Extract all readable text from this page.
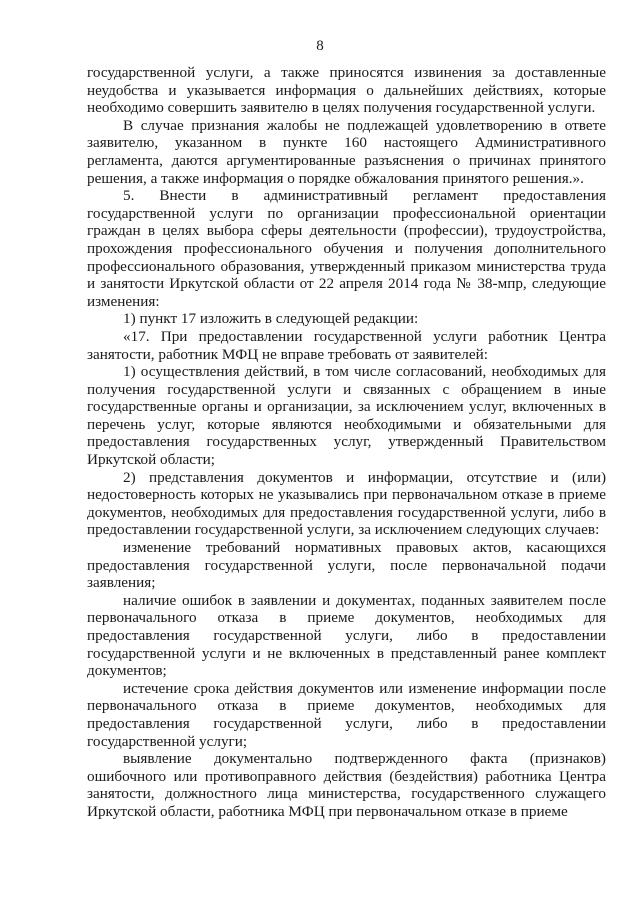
8

государственной услуги, а также приносятся извинения за доставленные неудобства и указывается информация о дальнейших действиях, которые необходимо совершить заявителю в целях получения государственной услуги.

В случае признания жалобы не подлежащей удовлетворению в ответе заявителю, указанном в пункте 160 настоящего Административного регламента, даются аргументированные разъяснения о причинах принятого решения, а также информация о порядке обжалования принятого решения.».

5. Внести в административный регламент предоставления государственной услуги по организации профессиональной ориентации граждан в целях выбора сферы деятельности (профессии), трудоустройства, прохождения профессионального обучения и получения дополнительного профессионального образования, утвержденный приказом министерства труда и занятости Иркутской области от 22 апреля 2014 года № 38-мпр, следующие изменения:

1) пункт 17 изложить в следующей редакции:

«17. При предоставлении государственной услуги работник Центра занятости, работник МФЦ не вправе требовать от заявителей:

1) осуществления действий, в том числе согласований, необходимых для получения государственной услуги и связанных с обращением в иные государственные органы и организации, за исключением услуг, включенных в перечень услуг, которые являются необходимыми и обязательными для предоставления государственных услуг, утвержденный Правительством Иркутской области;

2) представления документов и информации, отсутствие и (или) недостоверность которых не указывались при первоначальном отказе в приеме документов, необходимых для предоставления государственной услуги, либо в предоставлении государственной услуги, за исключением следующих случаев:

изменение требований нормативных правовых актов, касающихся предоставления государственной услуги, после первоначальной подачи заявления;

наличие ошибок в заявлении и документах, поданных заявителем после первоначального отказа в приеме документов, необходимых для предоставления государственной услуги, либо в предоставлении государственной услуги и не включенных в представленный ранее комплект документов;

истечение срока действия документов или изменение информации после первоначального отказа в приеме документов, необходимых для предоставления государственной услуги, либо в предоставлении государственной услуги;

выявление документально подтвержденного факта (признаков) ошибочного или противоправного действия (бездействия) работника Центра занятости, должностного лица министерства, государственного служащего Иркутской области, работника МФЦ при первоначальном отказе в приеме
